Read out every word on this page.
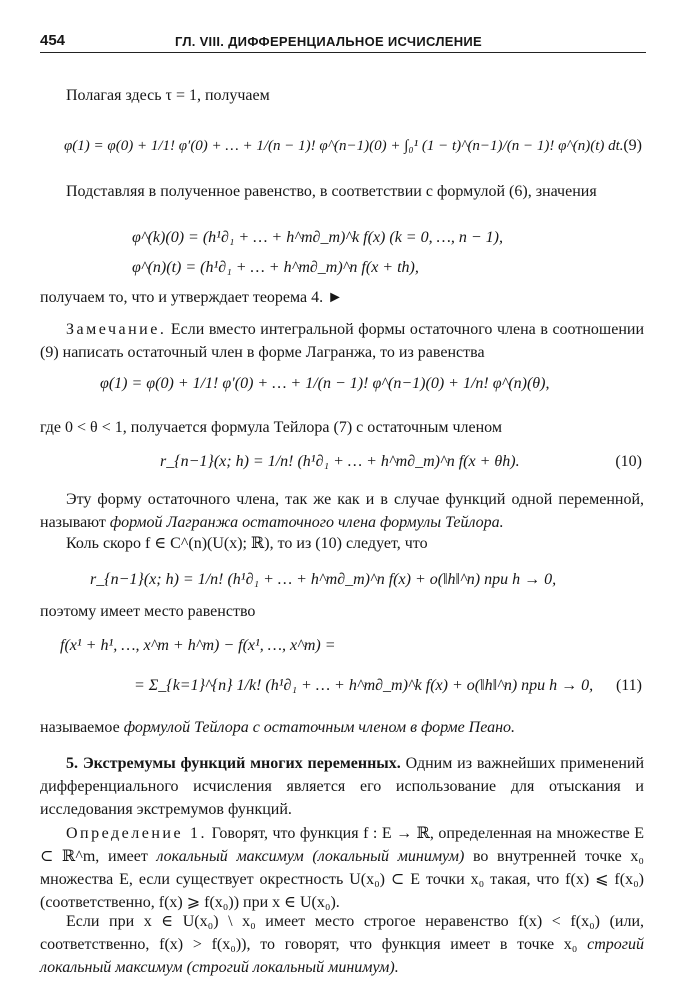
454	ГЛ. VIII. ДИФФЕРЕНЦИАЛЬНОЕ ИСЧИСЛЕНИЕ
Полагая здесь τ = 1, получаем
φ(1) = φ(0) + 1/1! φ′(0) + … + 1/(n − 1)! φ^(n−1)(0) + ∫₀¹ (1 − t)^(n−1)/(n − 1)! φ^(n)(t) dt. (9)
Подставляя в полученное равенство, в соответствии с формулой (6), значения
φ^(k)(0) = (h¹∂₁ + … + h^m∂_m)^k f(x) (k = 0, …, n − 1),
φ^(n)(t) = (h¹∂₁ + … + h^m∂_m)^n f(x + th),
получаем то, что и утверждает теорема 4. ►
Замечание. Если вместо интегральной формы остаточного члена в соотношении (9) написать остаточный член в форме Лагранжа, то из равенства
φ(1) = φ(0) + 1/1! φ′(0) + … + 1/(n − 1)! φ^(n−1)(0) + 1/n! φ^(n)(θ),
где 0 < θ < 1, получается формула Тейлора (7) с остаточным членом
r_{n−1}(x; h) = 1/n! (h¹∂₁ + … + h^m∂_m)^n f(x + θh).	(10)
Эту форму остаточного члена, так же как и в случае функций одной переменной, называют формой Лагранжа остаточного члена формулы Тейлора.
Коль скоро f ∈ C^(n)(U(x); ℝ), то из (10) следует, что
r_{n−1}(x; h) = 1/n! (h¹∂₁ + … + h^m∂_m)^n f(x) + o(‖h‖^n) при h → 0,
поэтому имеет место равенство
f(x¹ + h¹, …, x^m + h^m) − f(x¹, …, x^m) =
= Σ_{k=1}^{n} 1/k! (h¹∂₁ + … + h^m∂_m)^k f(x) + o(‖h‖^n) при h → 0, (11)
называемое формулой Тейлора с остаточным членом в форме Пеано.
5. Экстремумы функций многих переменных. Одним из важнейших применений дифференциального исчисления является его использование для отыскания и исследования экстремумов функций.
Определение 1. Говорят, что функция f : E → ℝ, определенная на множестве E ⊂ ℝ^m, имеет локальный максимум (локальный минимум) во внутренней точке x₀ множества E, если существует окрестность U(x₀) ⊂ E точки x₀ такая, что f(x) ⩽ f(x₀) (соответственно, f(x) ⩾ f(x₀)) при x ∈ U(x₀).
Если при x ∈ U(x₀) \ x₀ имеет место строгое неравенство f(x) < f(x₀) (или, соответственно, f(x) > f(x₀)), то говорят, что функция имеет в точке x₀ строгий локальный максимум (строгий локальный минимум).
